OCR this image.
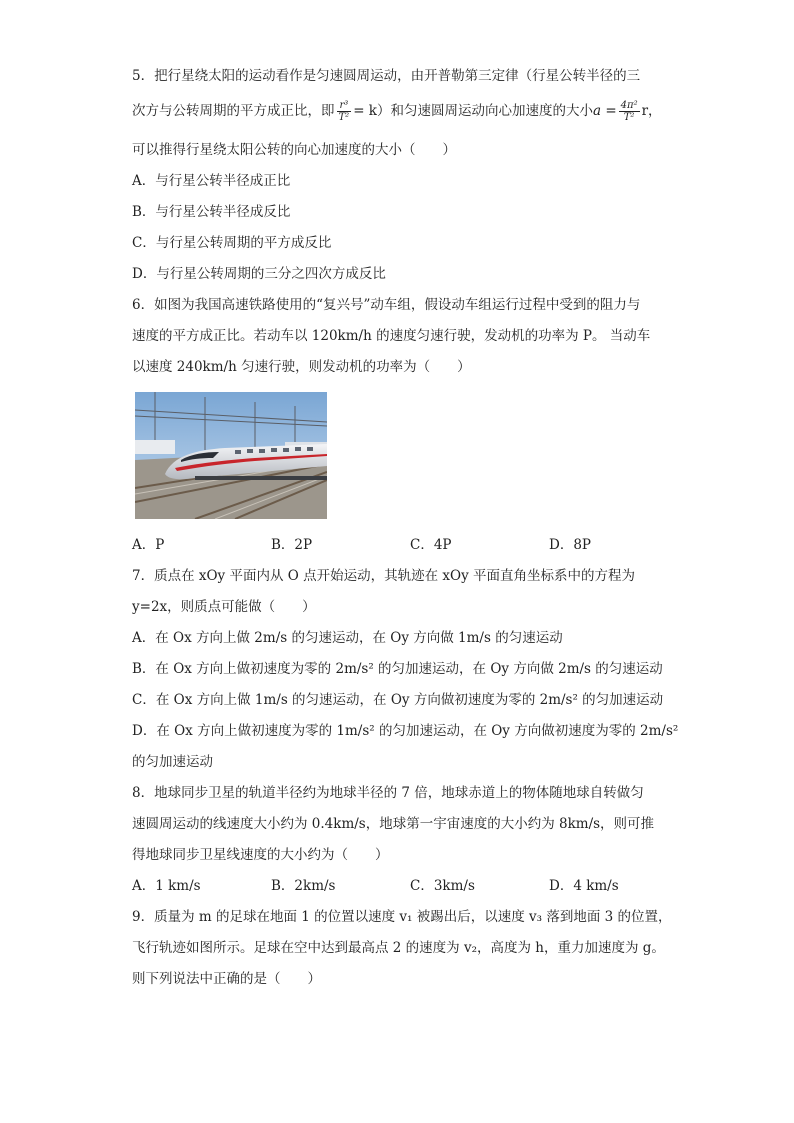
5．把行星绕太阳的运动看作是匀速圆周运动，由开普勒第三定律（行星公转半径的三
次方与公转周期的平方成正比，即 $\frac{\text{r³}}{\text{T²}} = k$）和匀速圆周运动向心加速度的大小$a = \frac{\text{4π²}}{\text{T²}}$ r，
可以推得行星绕太阳公转的向心加速度的大小（　　）
A．与行星公转半径成正比
B．与行星公转半径成反比
C．与行星公转周期的平方成反比
D．与行星公转周期的三分之四次方成反比
6．如图为我国高速铁路使用的“复兴号”动车组，假设动车组运行过程中受到的阻力与
速度的平方成正比。若动车以 120km/h 的速度匀速行驶，发动机的功率为 P。 当动车
以速度 240km/h 匀速行驶，则发动机的功率为（　　）
A．P	B．2P	C．4P	D．8P
7．质点在 xOy 平面内从 O 点开始运动，其轨迹在 xOy 平面直角坐标系中的方程为
y=2x，则质点可能做（　　）
A．在 Ox 方向上做 2m/s 的匀速运动，在 Oy 方向做 1m/s 的匀速运动
B．在 Ox 方向上做初速度为零的 2m/s² 的匀加速运动，在 Oy 方向做 2m/s 的匀速运动
C．在 Ox 方向上做 1m/s 的匀速运动，在 Oy 方向做初速度为零的 2m/s² 的匀加速运动
D．在 Ox 方向上做初速度为零的 1m/s² 的匀加速运动，在 Oy 方向做初速度为零的 2m/s²
的匀加速运动
8．地球同步卫星的轨道半径约为地球半径的 7 倍，地球赤道上的物体随地球自转做匀
速圆周运动的线速度大小约为 0.4km/s，地球第一宇宙速度的大小约为 8km/s，则可推
得地球同步卫星线速度的大小约为（　　）
A．1 km/s	B．2km/s	C．3km/s	D．4 km/s
9．质量为 m 的足球在地面 1 的位置以速度 v₁ 被踢出后，以速度 v₃ 落到地面 3 的位置，
飞行轨迹如图所示。足球在空中达到最高点 2 的速度为 v₂，高度为 h，重力加速度为 g。
则下列说法中正确的是（　　）
